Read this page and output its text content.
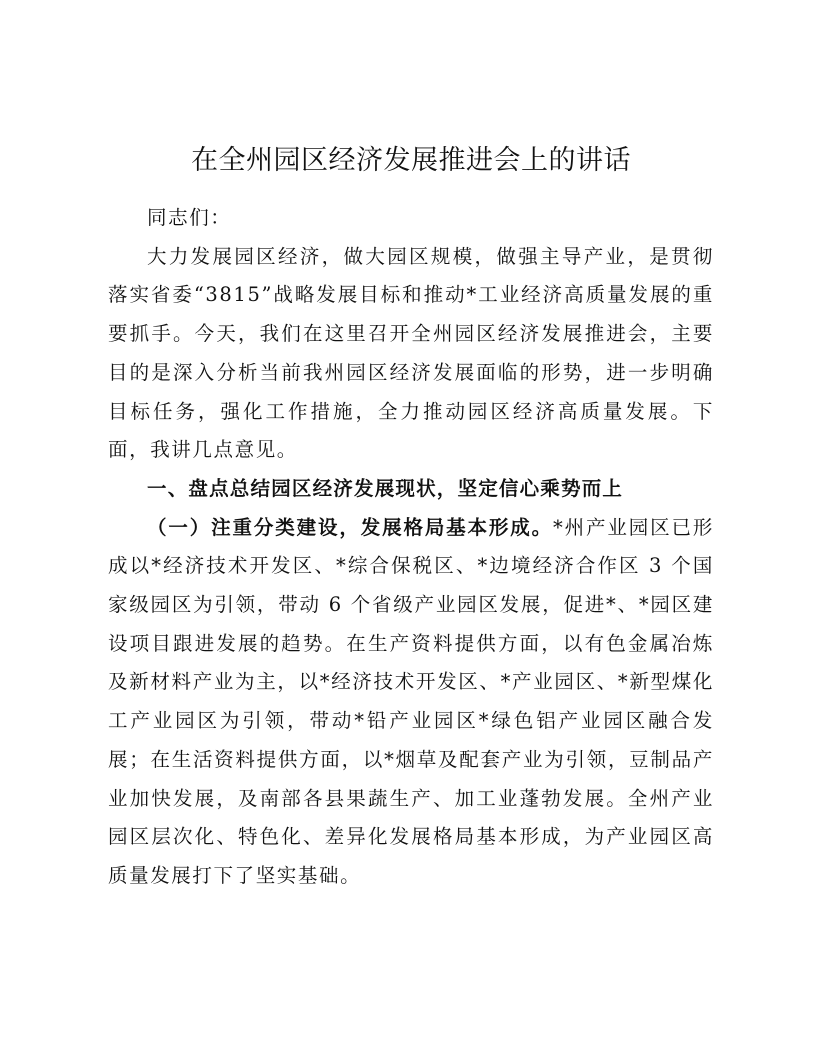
在全州园区经济发展推进会上的讲话

同志们：

大力发展园区经济，做大园区规模，做强主导产业，是贯彻落实省委“3815”战略发展目标和推动*工业经济高质量发展的重要抓手。今天，我们在这里召开全州园区经济发展推进会，主要目的是深入分析当前我州园区经济发展面临的形势，进一步明确目标任务，强化工作措施，全力推动园区经济高质量发展。下面，我讲几点意见。

一、盘点总结园区经济发展现状，坚定信心乘势而上

（一）注重分类建设，发展格局基本形成。*州产业园区已形成以*经济技术开发区、*综合保税区、*边境经济合作区 3 个国家级园区为引领，带动 6 个省级产业园区发展，促进*、*园区建设项目跟进发展的趋势。在生产资料提供方面，以有色金属冶炼及新材料产业为主，以*经济技术开发区、*产业园区、*新型煤化工产业园区为引领，带动*铅产业园区*绿色铝产业园区融合发展；在生活资料提供方面，以*烟草及配套产业为引领，豆制品产业加快发展，及南部各县果蔬生产、加工业蓬勃发展。全州产业园区层次化、特色化、差异化发展格局基本形成，为产业园区高质量发展打下了坚实基础。
